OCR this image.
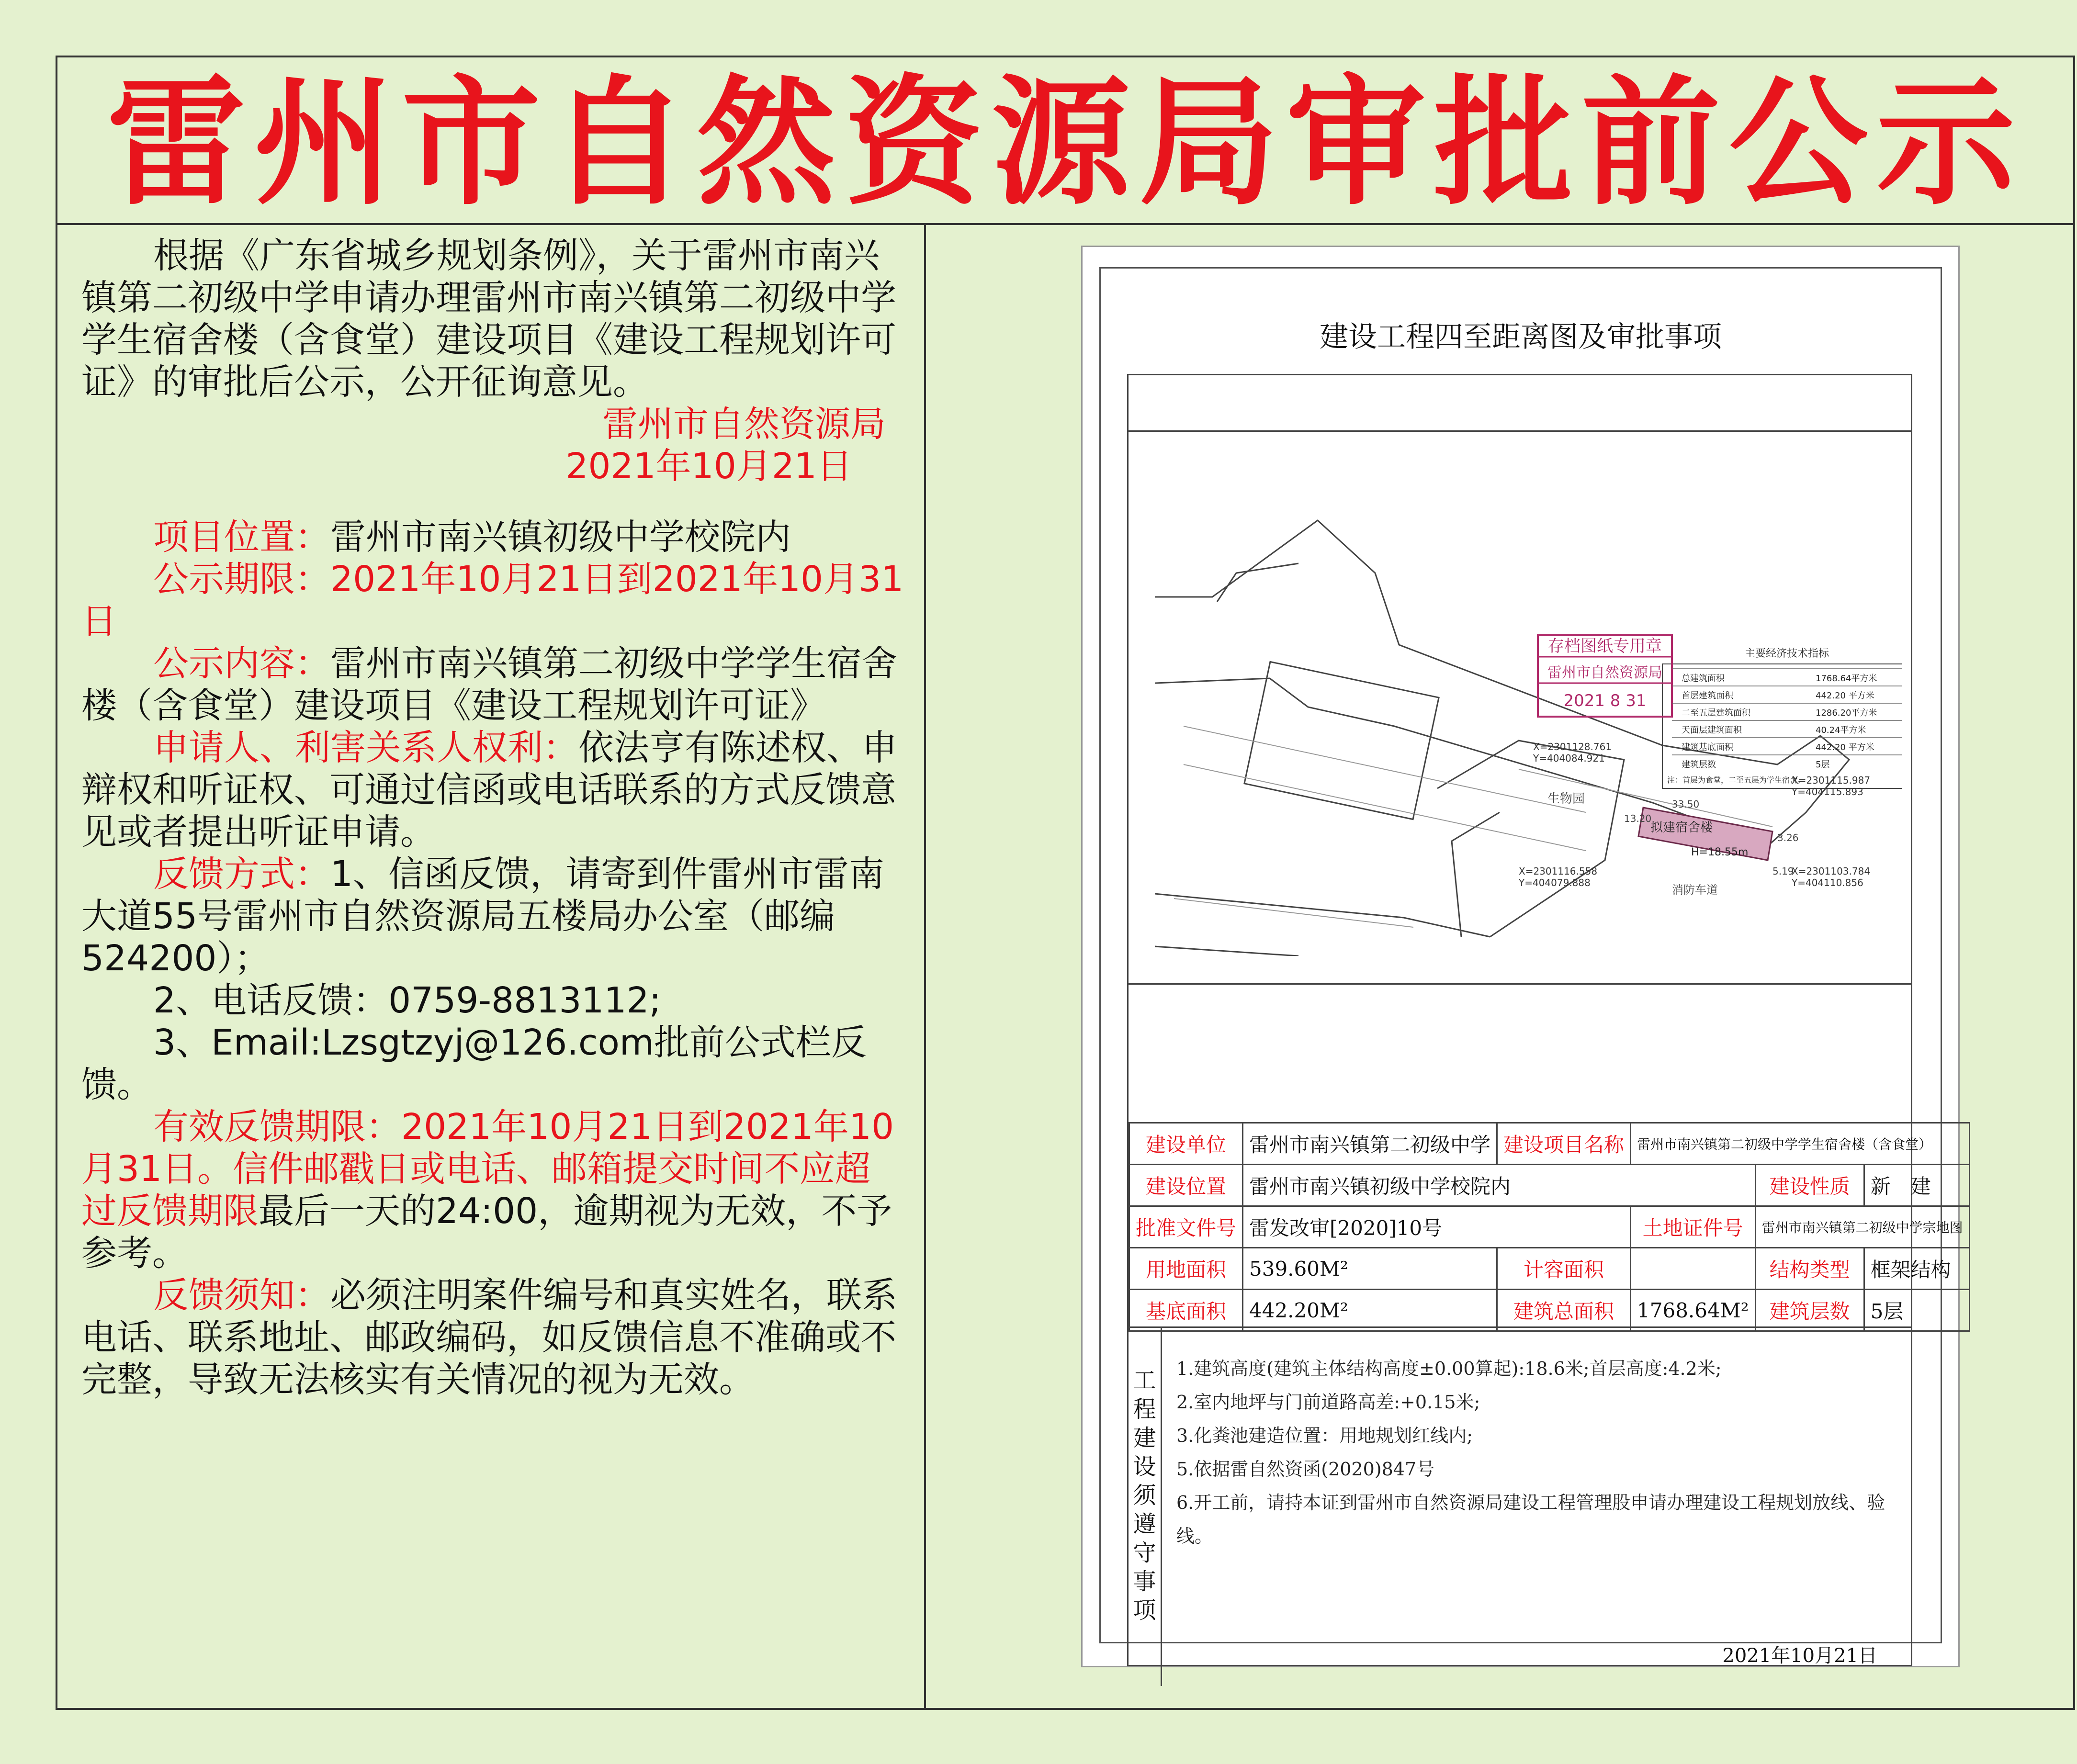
雷州市自然资源局审批前公示

根据《广东省城乡规划条例》，关于雷州市南兴镇第二初级中学申请办理雷州市南兴镇第二初级中学学生宿舍楼（含食堂）建设项目《建设工程规划许可证》的审批后公示，公开征询意见。

雷州市自然资源局

2021年10月21日

项目位置：雷州市南兴镇初级中学校院内

公示期限：2021年10月21日到2021年10月31日

公示内容：雷州市南兴镇第二初级中学学生宿舍楼（含食堂）建设项目《建设工程规划许可证》

申请人、利害关系人权利：依法亨有陈述权、申辩权和听证权、可通过信函或电话联系的方式反馈意见或者提出听证申请。

反馈方式：1、信函反馈，请寄到件雷州市雷南大道55号雷州市自然资源局五楼局办公室（邮编524200）；

2、电话反馈：0759-8813112;

3、Email:Lzsgtzyj@126.com批前公式栏反馈。

有效反馈期限：2021年10月21日到2021年10月31日。信件邮戳日或电话、邮箱提交时间不应超过反馈期限最后一天的24:00，逾期视为无效，不予参考。

反馈须知：必须注明案件编号和真实姓名，联系电话、联系地址、邮政编码，如反馈信息不准确或不完整，导致无法核实有关情况的视为无效。

建设工程四至距离图及审批事项
拟建宿舍楼
H=18.55m
生物园
消防车道
33.50
13.20
3.26
5.19
X=2301128.761
Y=404084.921
X=2301115.987
Y=404115.893
X=2301116.558
Y=404079.888
X=2301103.784
Y=404110.856
存档图纸专用章
雷州市自然资源局
2021 8 31
主要经济技术指标
总建筑面积	1768.64平方米
首层建筑面积	442.20 平方米
二至五层建筑面积	1286.20平方米
天面层建筑面积	40.24平方米
建筑基底面积	442.20 平方米
建筑层数	5层
注：首层为食堂，二至五层为学生宿舍。
建设单位	雷州市南兴镇第二初级中学	建设项目名称	雷州市南兴镇第二初级中学学生宿舍楼（含食堂）		
建设位置	雷州市南兴镇初级中学校院内			建设性质	新　建
批准文件号	雷发改审[2020]10号		土地证件号	雷州市南兴镇第二初级中学宗地图	
用地面积	539.60M²	计容面积		结构类型	框架结构
基底面积	442.20M²	建筑总面积	1768.64M²	建筑层数	5层
工
程
建
设
须
遵
守
事
项
1.建筑高度(建筑主体结构高度±0.00算起):18.6米;首层高度:4.2米;
2.室内地坪与门前道路高差:+0.15米;
3.化粪池建造位置：用地规划红线内;
5.依据雷自然资函(2020)847号
6.开工前，请持本证到雷州市自然资源局建设工程管理股申请办理建设工程规划放线、验线。
2021年10月21日
